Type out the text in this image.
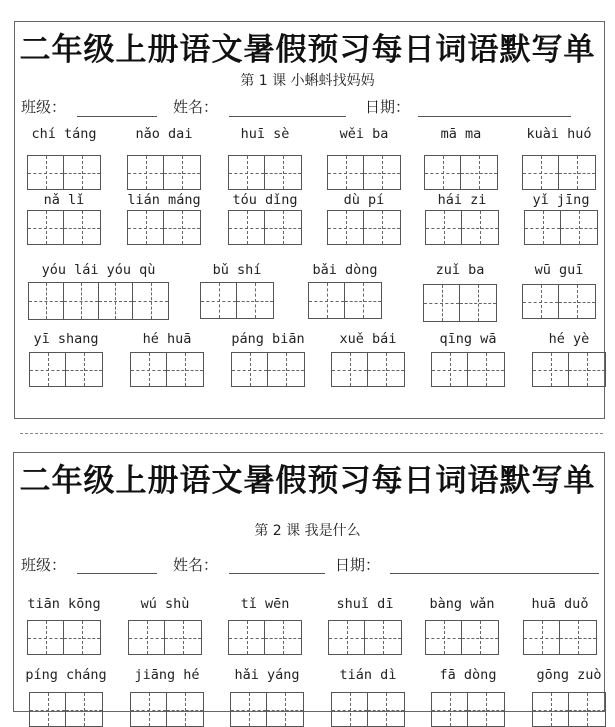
二年级上册语文暑假预习每日词语默写单
第 1 课 小蝌蚪找妈妈
班级：	姓名：	日期：
chí táng	nǎo dai	huī sè	wěi ba	mā ma	kuài huó
nǎ lǐ	lián máng	tóu dǐng	dù pí	hái zi	yǐ jīng
yóu lái yóu qù	bǔ shí	bǎi dòng	zuǐ ba	wū guī
yī shang	hé huā	páng biān	xuě bái	qīng wā	hé yè
二年级上册语文暑假预习每日词语默写单
第 2 课 我是什么
班级：	姓名：	日期：
tiān kōng	wú shù	tǐ wēn	shuǐ dī	bàng wǎn	huā duǒ
píng cháng	jiāng hé	hǎi yáng	tián dì	fā dòng	gōng zuò
